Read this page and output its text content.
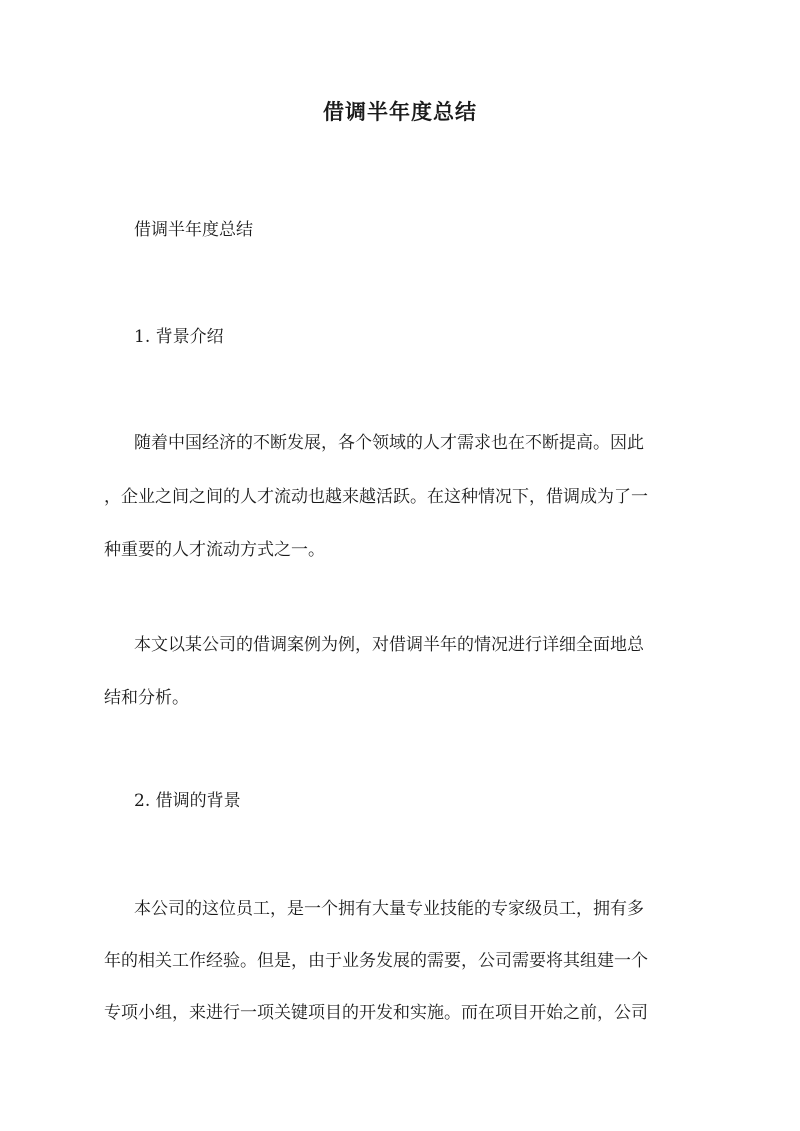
借调半年度总结
借调半年度总结
1. 背景介绍
随着中国经济的不断发展，各个领域的人才需求也在不断提高。因此
，企业之间之间的人才流动也越来越活跃。在这种情况下，借调成为了一
种重要的人才流动方式之一。
本文以某公司的借调案例为例，对借调半年的情况进行详细全面地总
结和分析。
2. 借调的背景
本公司的这位员工，是一个拥有大量专业技能的专家级员工，拥有多
年的相关工作经验。但是，由于业务发展的需要，公司需要将其组建一个
专项小组，来进行一项关键项目的开发和实施。而在项目开始之前，公司
